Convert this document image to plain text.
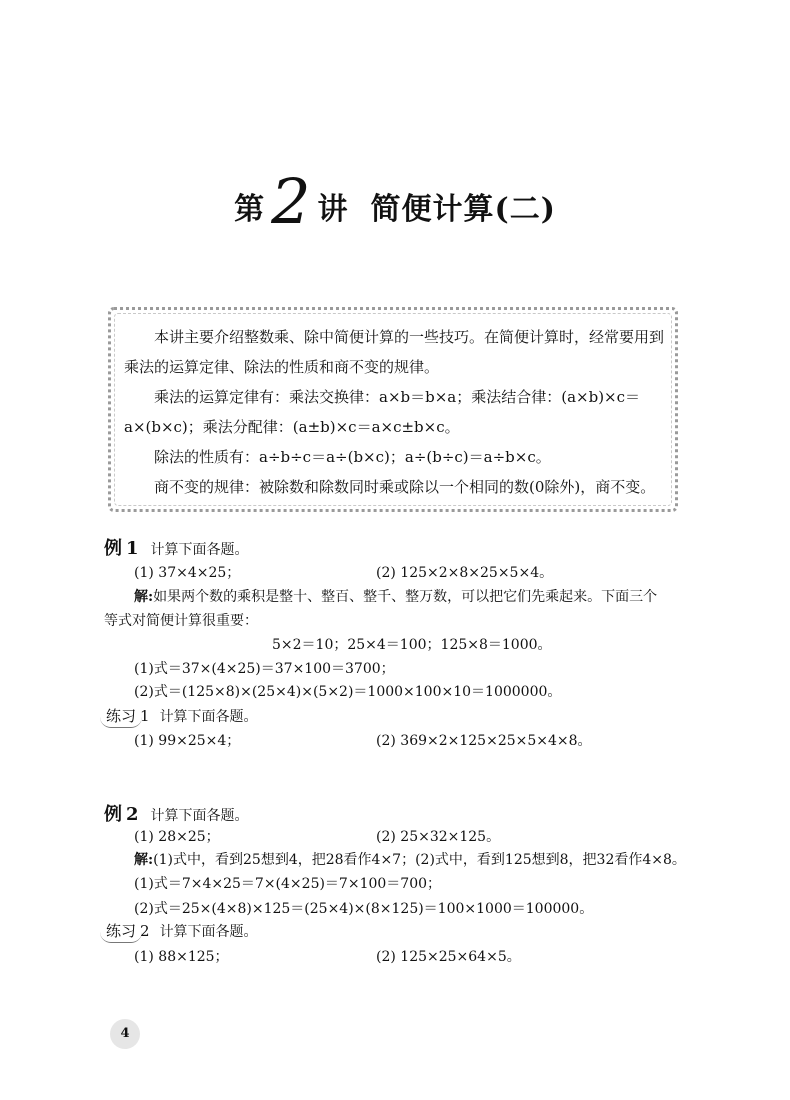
第2 讲 简便计算(二)

本讲主要介绍整数乘、除中简便计算的一些技巧。在简便计算时，经常要用到乘法的运算定律、除法的性质和商不变的规律。

乘法的运算定律有：乘法交换律：a×b＝b×a；乘法结合律：(a×b)×c＝a×(b×c)；乘法分配律：(a±b)×c＝a×c±b×c。

除法的性质有：a÷b÷c＝a÷(b×c)；a÷(b÷c)＝a÷b×c。

商不变的规律：被除数和除数同时乘或除以一个相同的数(0除外)，商不变。

例 1 计算下面各题。
(1) 37×4×25；	(2) 125×2×8×25×5×4。
解:如果两个数的乘积是整十、整百、整千、整万数，可以把它们先乘起来。下面三个
等式对简便计算很重要：
5×2＝10；25×4＝100；125×8＝1000。
(1)式＝37×(4×25)＝37×100＝3700；
(2)式＝(125×8)×(25×4)×(5×2)＝1000×100×10＝1000000。
练习 1 计算下面各题。
(1) 99×25×4；	(2) 369×2×125×25×5×4×8。
例 2 计算下面各题。
(1) 28×25；	(2) 25×32×125。
解:(1)式中，看到25想到4，把28看作4×7；(2)式中，看到125想到8，把32看作4×8。
(1)式＝7×4×25＝7×(4×25)＝7×100＝700；
(2)式＝25×(4×8)×125＝(25×4)×(8×125)＝100×1000＝100000。
练习 2 计算下面各题。
(1) 88×125；	(2) 125×25×64×5。
4
